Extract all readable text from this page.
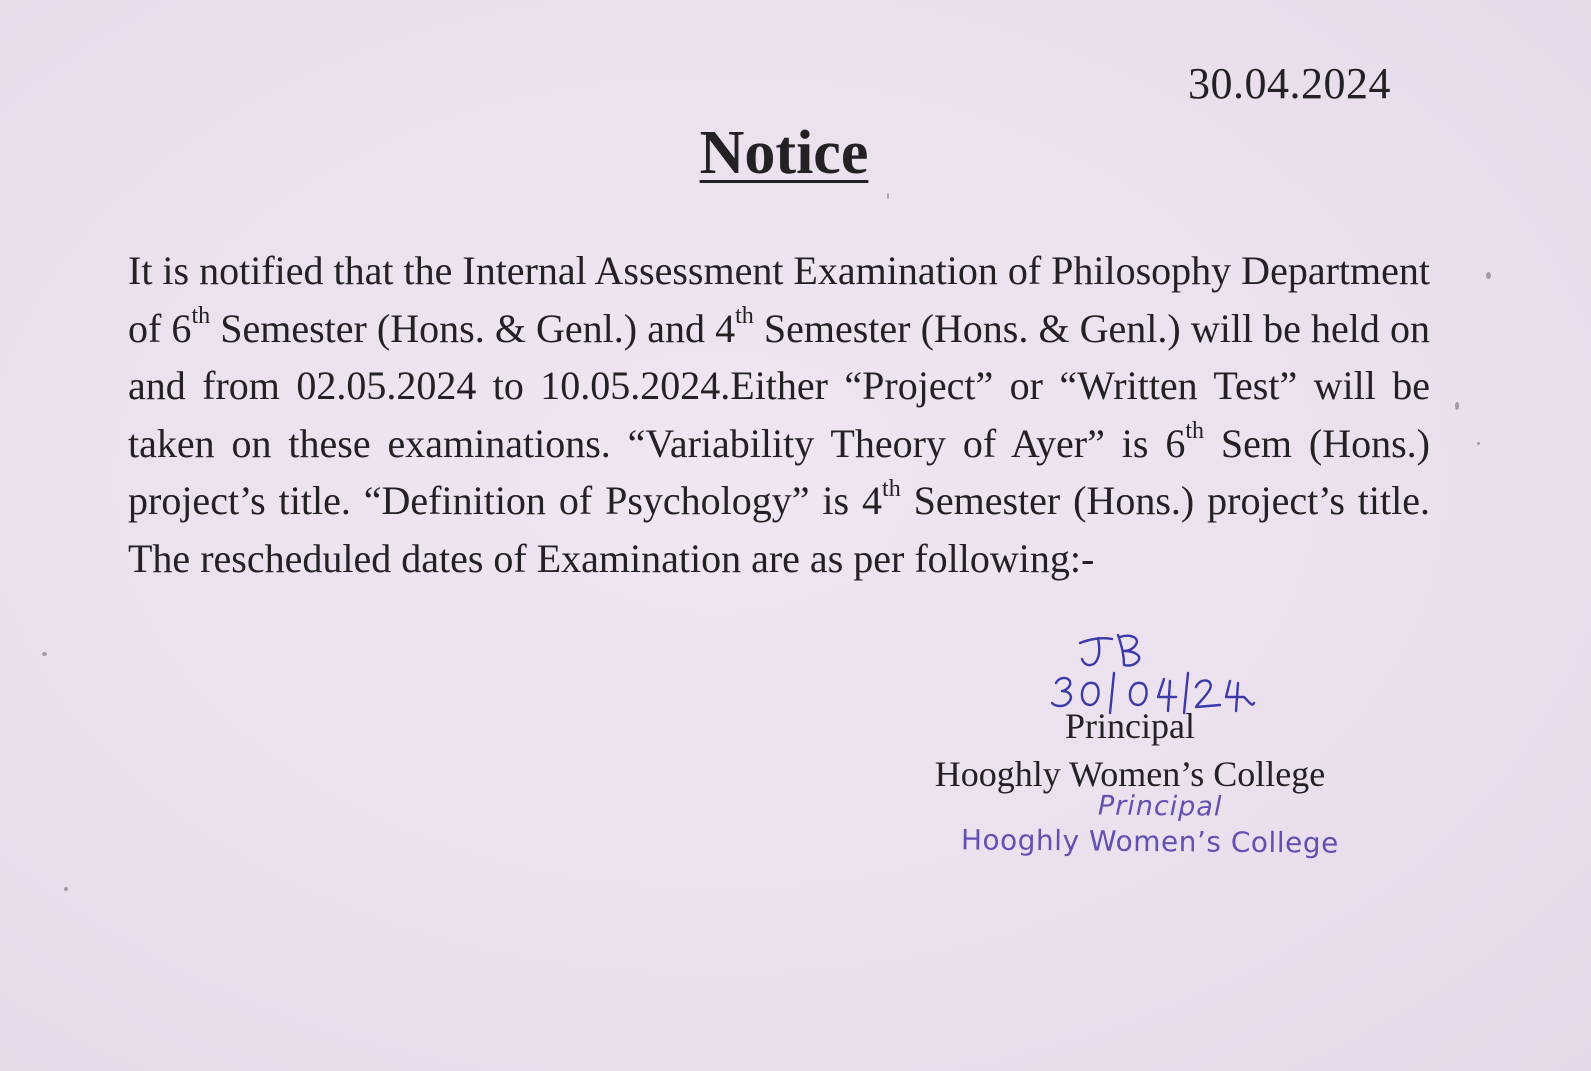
30.04.2024
Notice

It is notified that the Internal Assessment Examination of Philosophy Department of 6th Semester (Hons. & Genl.) and 4th Semester (Hons. & Genl.) will be held on and from 02.05.2024 to 10.05.2024.Either “Project” or “Written Test” will be taken on these examinations. “Variability Theory of Ayer” is 6th Sem (Hons.) project’s title. “Definition of Psychology” is 4th Semester (Hons.) project’s title. The rescheduled dates of Examination are as per following:-

Principal
Hooghly Women’s College
Principal
Hooghly Women’s College
